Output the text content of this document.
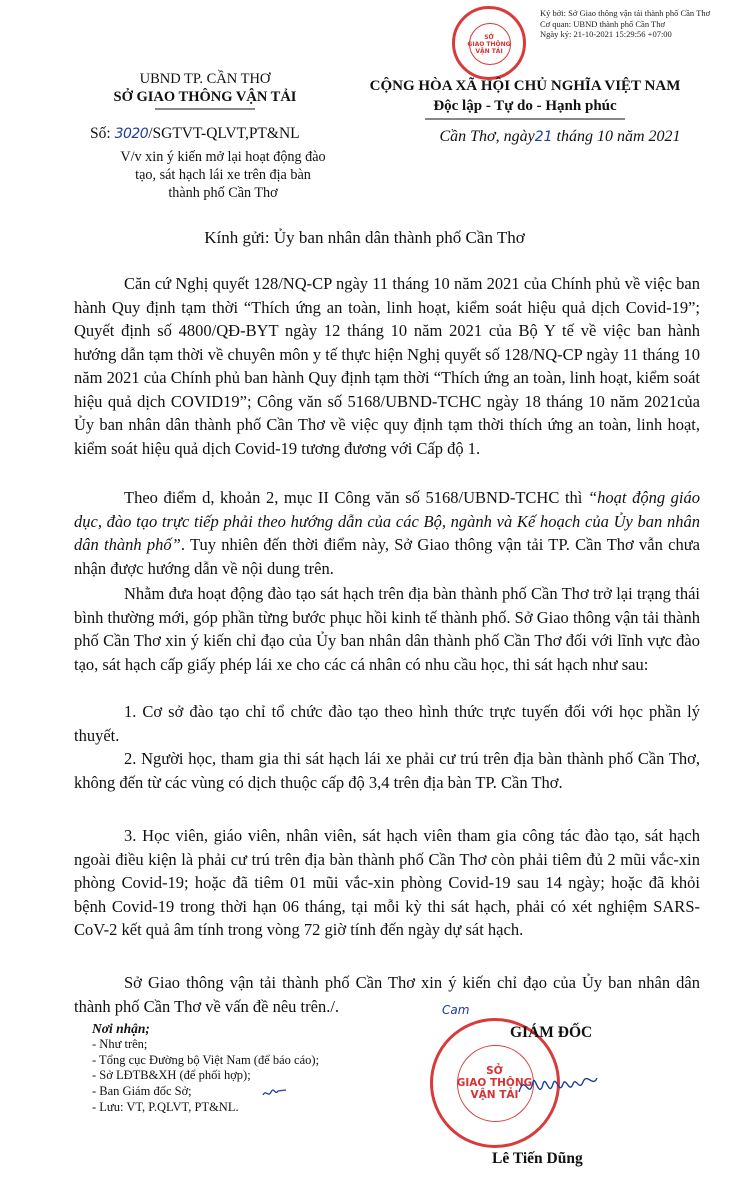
Ký bởi: Sở Giao thông vận tải thành phố Cần Thơ
Cơ quan: UBND thành phố Cần Thơ
Ngày ký: 21-10-2021 15:29:56 +07:00
SỞ
GIAO THÔNG
VẬN TẢI
UBND TP. CẦN THƠ
SỞ GIAO THÔNG VẬN TẢI
CỘNG HÒA XÃ HỘI CHỦ NGHĨA VIỆT NAM
Độc lập - Tự do - Hạnh phúc
Số: 3020/SGTVT-QLVT,PT&NL
V/v xin ý kiến mở lại hoạt động đào
tạo, sát hạch lái xe trên địa bàn
thành phố Cần Thơ
Cần Thơ, ngày21 tháng 10 năm 2021
Kính gửi: Ủy ban nhân dân thành phố Cần Thơ
Căn cứ Nghị quyết 128/NQ-CP ngày 11 tháng 10 năm 2021 của Chính phủ về việc ban hành Quy định tạm thời “Thích ứng an toàn, linh hoạt, kiểm soát hiệu quả dịch Covid-19”; Quyết định số 4800/QĐ-BYT ngày 12 tháng 10 năm 2021 của Bộ Y tế về việc ban hành hướng dẫn tạm thời về chuyên môn y tế thực hiện Nghị quyết số 128/NQ-CP ngày 11 tháng 10 năm 2021 của Chính phủ ban hành Quy định tạm thời “Thích ứng an toàn, linh hoạt, kiểm soát hiệu quả dịch COVID19”; Công văn số 5168/UBND-TCHC ngày 18 tháng 10 năm 2021của Ủy ban nhân dân thành phố Cần Thơ về việc quy định tạm thời thích ứng an toàn, linh hoạt, kiểm soát hiệu quả dịch Covid-19 tương đương với Cấp độ 1.
Theo điểm d, khoản 2, mục II Công văn số 5168/UBND-TCHC thì “hoạt động giáo dục, đào tạo trực tiếp phải theo hướng dẫn của các Bộ, ngành và Kế hoạch của Ủy ban nhân dân thành phố”. Tuy nhiên đến thời điểm này, Sở Giao thông vận tải TP. Cần Thơ vẫn chưa nhận được hướng dẫn về nội dung trên.
Nhằm đưa hoạt động đào tạo sát hạch trên địa bàn thành phố Cần Thơ trở lại trạng thái bình thường mới, góp phần từng bước phục hồi kinh tế thành phố. Sở Giao thông vận tải thành phố Cần Thơ xin ý kiến chỉ đạo của Ủy ban nhân dân thành phố Cần Thơ đối với lĩnh vực đào tạo, sát hạch cấp giấy phép lái xe cho các cá nhân có nhu cầu học, thi sát hạch như sau:
1. Cơ sở đào tạo chỉ tổ chức đào tạo theo hình thức trực tuyến đối với học phần lý thuyết.
2. Người học, tham gia thi sát hạch lái xe phải cư trú trên địa bàn thành phố Cần Thơ, không đến từ các vùng có dịch thuộc cấp độ 3,4 trên địa bàn TP. Cần Thơ.
3. Học viên, giáo viên, nhân viên, sát hạch viên tham gia công tác đào tạo, sát hạch ngoài điều kiện là phải cư trú trên địa bàn thành phố Cần Thơ còn phải tiêm đủ 2 mũi vắc-xin phòng Covid-19; hoặc đã tiêm 01 mũi vắc-xin phòng Covid-19 sau 14 ngày; hoặc đã khỏi bệnh Covid-19 trong thời hạn 06 tháng, tại mỗi kỳ thi sát hạch, phải có xét nghiệm SARS-CoV-2 kết quả âm tính trong vòng 72 giờ tính đến ngày dự sát hạch.
Sở Giao thông vận tải thành phố Cần Thơ xin ý kiến chỉ đạo của Ủy ban nhân dân thành phố Cần Thơ về vấn đề nêu trên./.	Cam
Nơi nhận;
- Như trên;
- Tổng cục Đường bộ Việt Nam (để báo cáo);
- Sở LĐTB&XH (để phối hợp);
- Ban Giám đốc Sở;
- Lưu: VT, P.QLVT, PT&NL.
SỞ
GIAO THÔNG
VẬN TẢI
GIÁM ĐỐC
Lê Tiến Dũng
